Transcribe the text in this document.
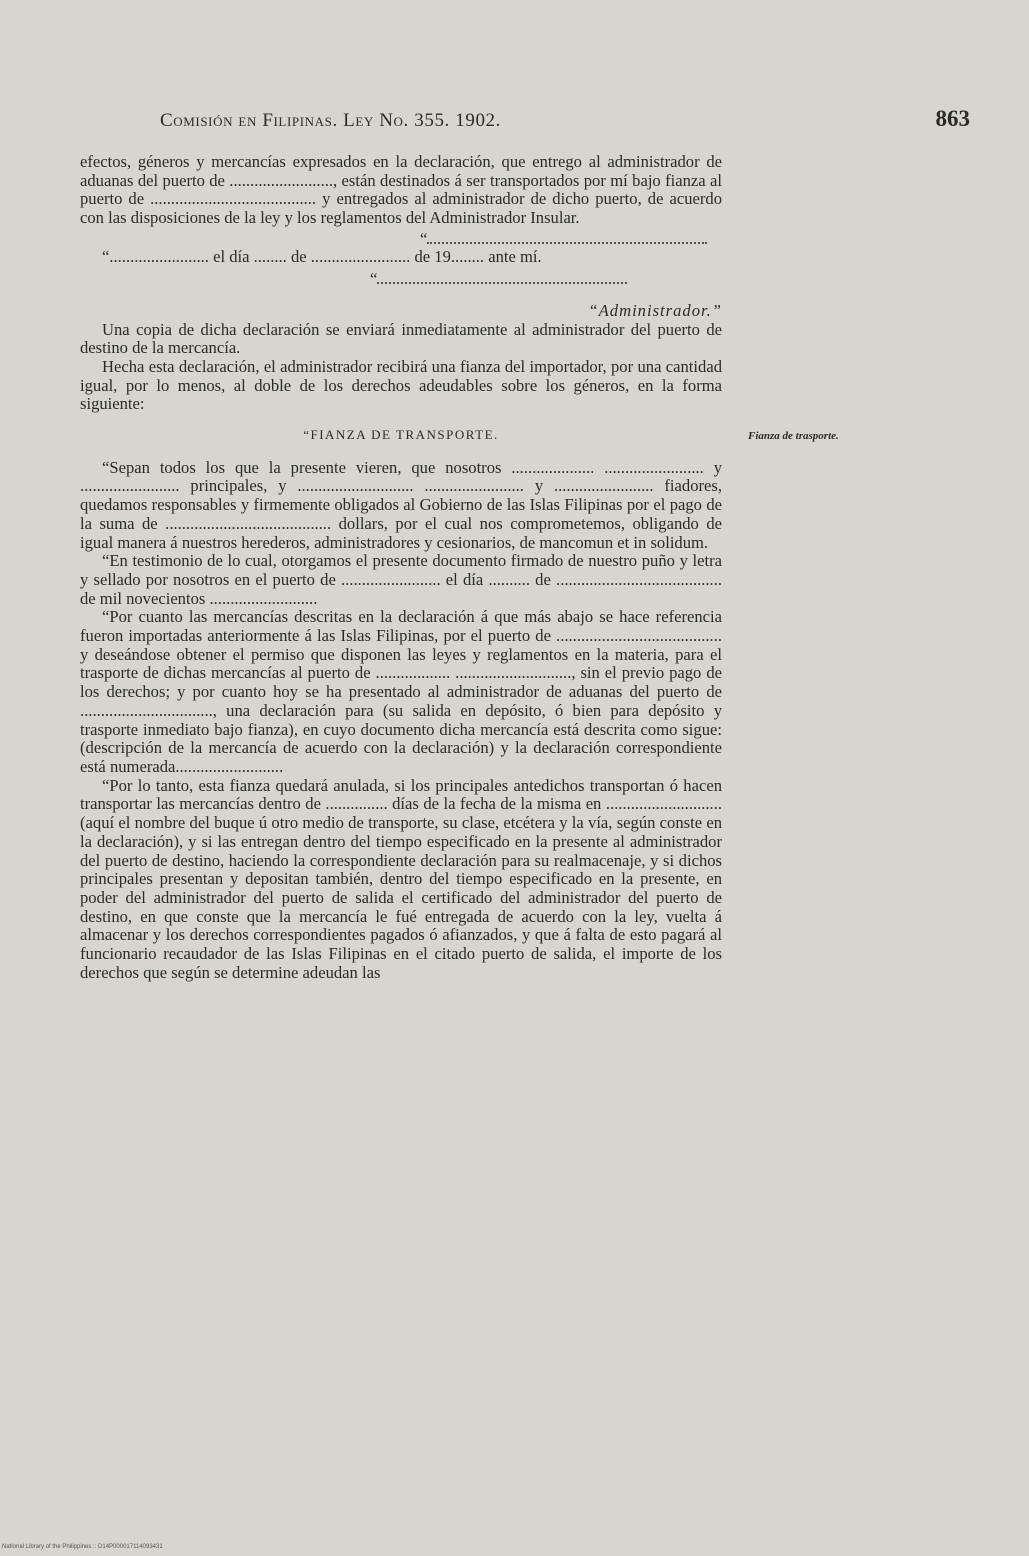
Comisión en Filipinas. Ley No. 355. 1902.	863

efectos, géneros y mercancías expresados en la declaración, que entrego al administrador de aduanas del puerto de ........................., están destinados á ser transportados por mí bajo fianza al puerto de ........................................ y entregados al administrador de dicho puerto, de acuerdo con las disposiciones de la ley y los reglamentos del Administrador Insular.

“
“........................ el día ........ de ........................ de 19........ ante mí.
“

“Administrador.”

Una copia de dicha declaración se enviará inmediatamente al administrador del puerto de destino de la mercancía.

Hecha esta declaración, el administrador recibirá una fianza del importador, por una cantidad igual, por lo menos, al doble de los derechos adeudables sobre los géneros, en la forma siguiente:

“FIANZA DE TRANSPORTE.

“Sepan todos los que la presente vieren, que nosotros .................... ........................ y ........................ principales, y ............................ ........................ y ........................ fiadores, quedamos responsables y firmemente obligados al Gobierno de las Islas Filipinas por el pago de la suma de ........................................ dollars, por el cual nos comprometemos, obligando de igual manera á nuestros herederos, administradores y cesionarios, de mancomun et in solidum.

“En testimonio de lo cual, otorgamos el presente documento firmado de nuestro puño y letra y sellado por nosotros en el puerto de ........................ el día .......... de ........................................ de mil novecientos ..........................

“Por cuanto las mercancías descritas en la declaración á que más abajo se hace referencia fueron importadas anteriormente á las Islas Filipinas, por el puerto de ........................................ y deseándose obtener el permiso que disponen las leyes y reglamentos en la materia, para el trasporte de dichas mercancías al puerto de .................. ............................, sin el previo pago de los derechos; y por cuanto hoy se ha presentado al administrador de aduanas del puerto de ................................, una declaración para (su salida en depósito, ó bien para depósito y trasporte inmediato bajo fianza), en cuyo documento dicha mercancía está descrita como sigue: (descripción de la mercancía de acuerdo con la declaración) y la declaración correspondiente está numerada..........................

“Por lo tanto, esta fianza quedará anulada, si los principales antedichos transportan ó hacen transportar las mercancías dentro de ............... días de la fecha de la misma en ............................ (aquí el nombre del buque ú otro medio de transporte, su clase, etcétera y la vía, según conste en la declaración), y si las entregan dentro del tiempo especificado en la presente al administrador del puerto de destino, haciendo la correspondiente declaración para su realmacenaje, y si dichos principales presentan y depositan también, dentro del tiempo especificado en la presente, en poder del administrador del puerto de salida el certificado del administrador del puerto de destino, en que conste que la mercancía le fué entregada de acuerdo con la ley, vuelta á almacenar y los derechos correspondientes pagados ó afianzados, y que á falta de esto pagará al funcionario recaudador de las Islas Filipinas en el citado puerto de salida, el importe de los derechos que según se determine adeudan las

Fianza de trasporte.
National Library of the Philippines :: D14P000017114093431
